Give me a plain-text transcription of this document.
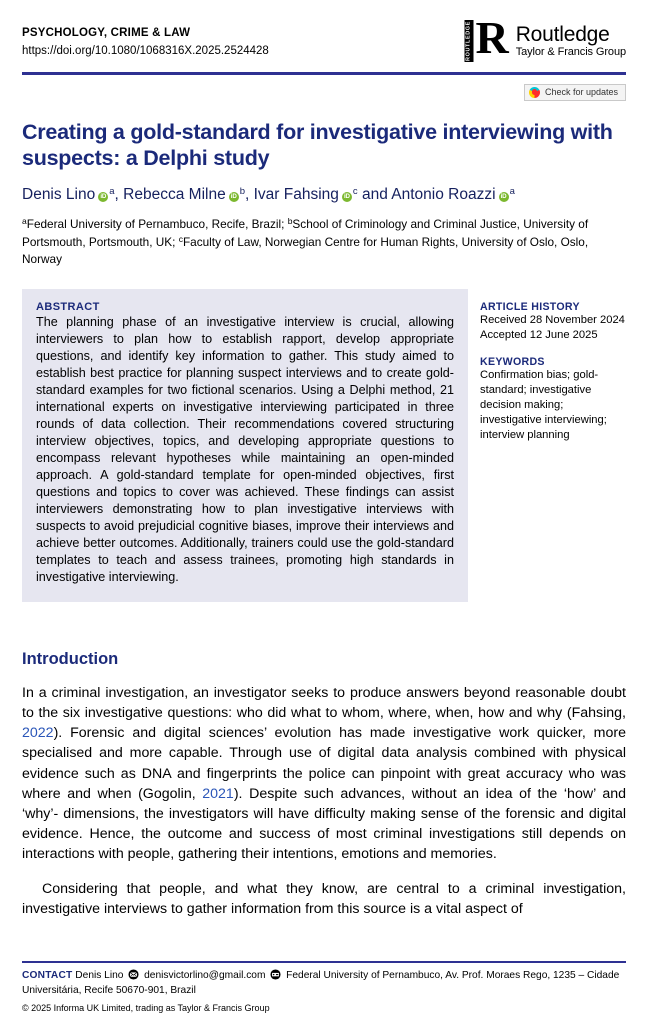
PSYCHOLOGY, CRIME & LAW
https://doi.org/10.1080/1068316X.2025.2524428	ROUTLEDGE R Routledge
Taylor & Francis Group
Check for updates
Creating a gold-standard for investigative interviewing with suspects: a Delphi study
Denis Lino iD $^a$, Rebecca Milne iD $^b$, Ivar Fahsing iD $^c$ and Antonio Roazzi iD $^a$
$^a$Federal University of Pernambuco, Recife, Brazil; $^b$School of Criminology and Criminal Justice, University of Portsmouth, Portsmouth, UK; $^c$Faculty of Law, Norwegian Centre for Human Rights, University of Oslo, Oslo, Norway
ABSTRACT
The planning phase of an investigative interview is crucial, allowing interviewers to plan how to establish rapport, develop appropriate questions, and identify key information to gather. This study aimed to establish best practice for planning suspect interviews and to create gold-standard examples for two fictional scenarios. Using a Delphi method, 21 international experts on investigative interviewing participated in three rounds of data collection. Their recommendations covered structuring interview objectives, topics, and developing appropriate questions to encompass relevant hypotheses while maintaining an open-minded approach. A gold-standard template for open-minded objectives, first questions and topics to cover was achieved. These findings can assist interviewers demonstrating how to plan investigative interviews with suspects to avoid prejudicial cognitive biases, improve their interviews and achieve better outcomes. Additionally, trainers could use the gold-standard templates to teach and assess trainees, promoting high standards in investigative interviewing.
ARTICLE HISTORY
Received 28 November 2024
Accepted 12 June 2025
KEYWORDS
Confirmation bias; gold-standard; investigative decision making; investigative interviewing; interview planning
Introduction

In a criminal investigation, an investigator seeks to produce answers beyond reasonable doubt to the six investigative questions: who did what to whom, where, when, how and why (Fahsing, 2022). Forensic and digital sciences’ evolution has made investigative work quicker, more specialised and more capable. Through use of digital data analysis combined with physical evidence such as DNA and fingerprints the police can pinpoint with great accuracy who was where and when (Gogolin, 2021). Despite such advances, without an idea of the ‘how’ and ‘why’- dimensions, the investigators will have difficulty making sense of the forensic and digital evidence. Hence, the outcome and success of most criminal investigations still depends on interactions with people, gathering their intentions, emotions and memories.

Considering that people, and what they know, are central to a criminal investigation, investigative interviews to gather information from this source is a vital aspect of

CONTACT Denis Lino denisvictorlino@gmail.com Federal University of Pernambuco, Av. Prof. Moraes Rego, 1235 – Cidade Universitária, Recife 50670-901, Brazil
© 2025 Informa UK Limited, trading as Taylor & Francis Group
